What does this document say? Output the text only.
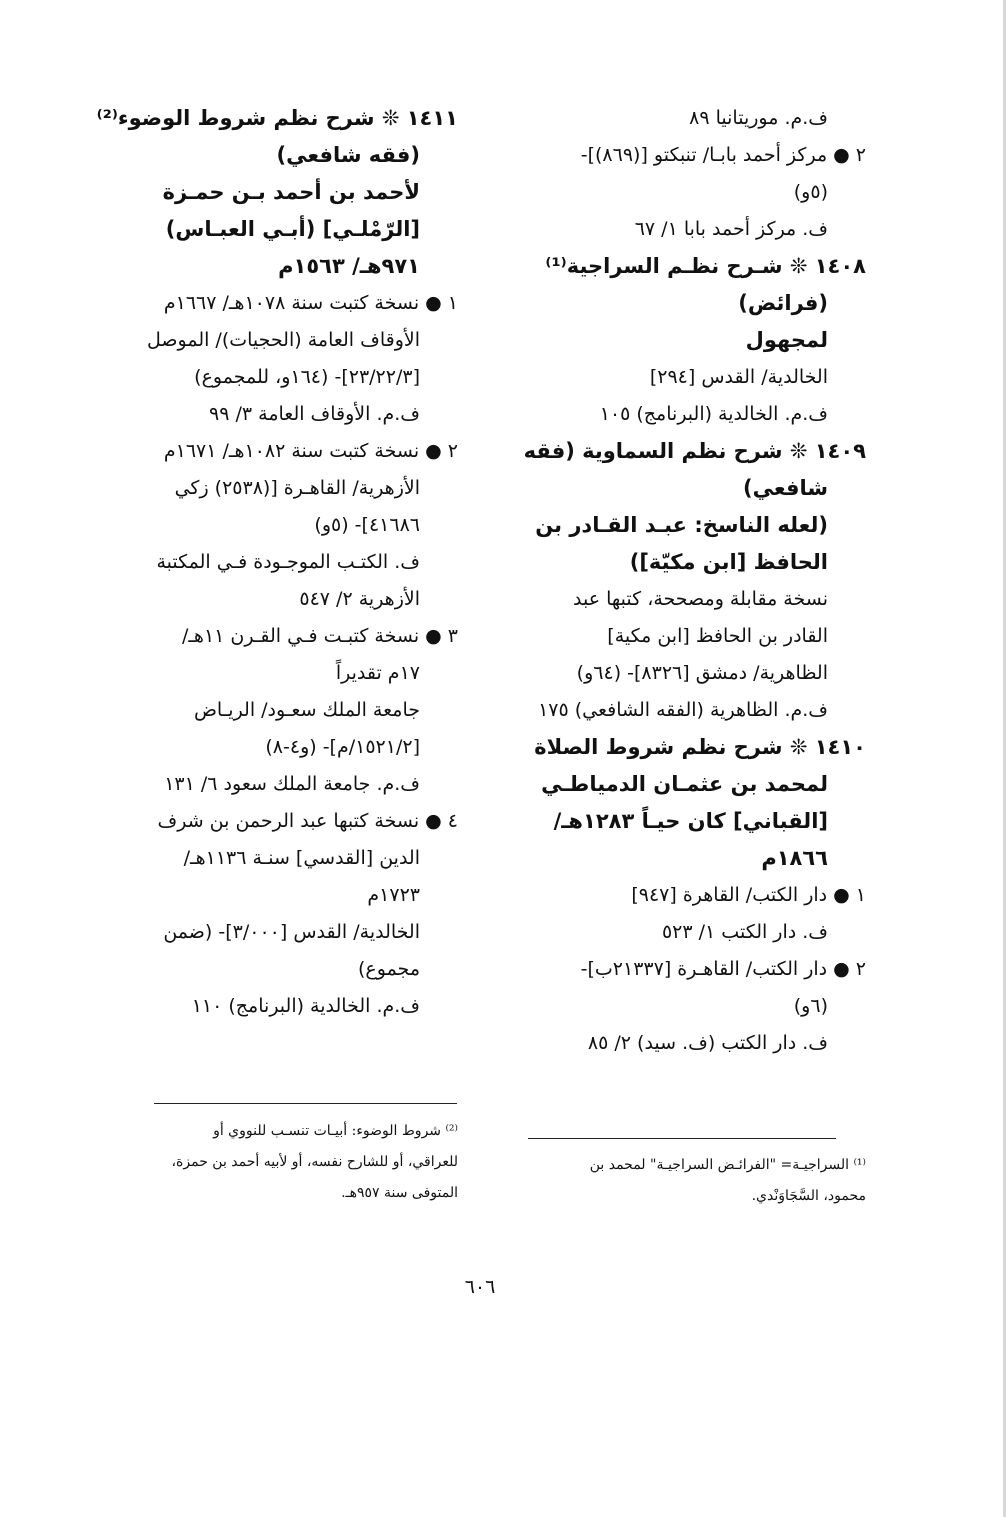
ف.م. موريتانيا ٨٩
٢ ● مركز أحمد بابـا/ تنبكتو [(٨٦٩)]-
(٥و)
ف. مركز أحمد بابا ١/ ٦٧
١٤٠٨ ❊ شـرح نظـم السراجية⁽¹⁾
(فرائض)
لمجهول
الخالدية/ القدس [٢٩٤]
ف.م. الخالدية (البرنامج) ١٠٥
١٤٠٩ ❊ شرح نظم السماوية (فقه
شافعي)
(لعله الناسخ: عبـد القـادر بن
الحافظ [ابن مكيّة])
نسخة مقابلة ومصححة، كتبها عبد
القادر بن الحافظ [ابن مكية]
الظاهرية/ دمشق [٨٣٢٦]- (٦٤و)
ف.م. الظاهرية (الفقه الشافعي) ١٧٥
١٤١٠ ❊ شرح نظم شروط الصلاة
لمحمد بن عثمـان الدمياطـي
[القباني] كان حيـاً ١٢٨٣هـ/
١٨٦٦م
١ ● دار الكتب/ القاهرة [٩٤٧]
ف. دار الكتب ١/ ٥٢٣
٢ ● دار الكتب/ القاهـرة [٢١٣٣٧ب]-
(٦و)
ف. دار الكتب (ف. سيد) ٢/ ٨٥
١٤١١ ❊ شرح نظم شروط الوضوء⁽²⁾
(فقه شافعي)
لأحمد بن أحمد بـن حمـزة
[الرّمْلـي] (أبـي العبـاس)
٩٧١هـ/ ١٥٦٣م
١ ● نسخة كتبت سنة ١٠٧٨هـ/ ١٦٦٧م
الأوقاف العامة (الحجيات)/ الموصل
[٢٣/٢٢/٣]- (١٦٤و، للمجموع)
ف.م. الأوقاف العامة ٣/ ٩٩
٢ ● نسخة كتبت سنة ١٠٨٢هـ/ ١٦٧١م
الأزهرية/ القاهـرة [(٢٥٣٨) زكي
٤١٦٨٦]- (٥و)
ف. الكتـب الموجـودة فـي المكتبة
الأزهرية ٢/ ٥٤٧
٣ ● نسخة كتبـت فـي القـرن ١١هـ/
١٧م تقديراً
جامعة الملك سعـود/ الريـاض
[١٥٢١/٢/م]- (و٤-٨)
ف.م. جامعة الملك سعود ٦/ ١٣١
٤ ● نسخة كتبها عبد الرحمن بن شرف
الدين [القدسي] سنـة ١١٣٦هـ/
١٧٢٣م
الخالدية/ القدس [٣/٠٠٠]- (ضمن
مجموع)
ف.م. الخالدية (البرنامج) ١١٠
⁽²⁾ شروط الوضوء: أبيـات تنسـب للنووي أو
للعراقي، أو للشارح نفسه، أو لأبيه أحمد بن حمزة،
المتوفى سنة ٩٥٧هـ.
⁽¹⁾ السراجيـة= "الفرائـض السراجيـة" لمحمد بن
محمود، السَّجَاوَنْدي.
٦٠٦
